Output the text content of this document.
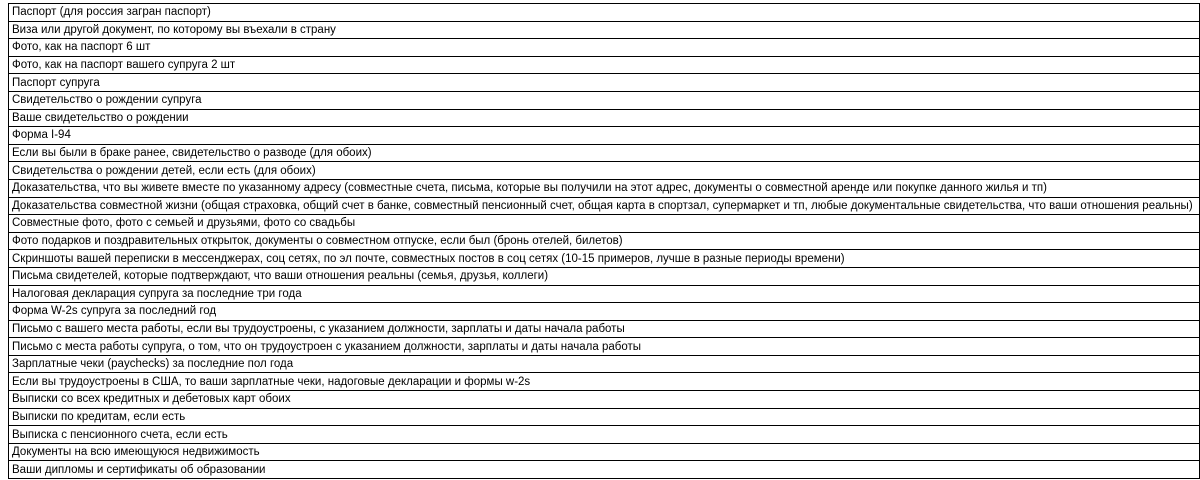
Паспорт (для россия загран паспорт)
Виза или другой документ, по которому вы въехали в страну
Фото, как на паспорт 6 шт
Фото, как на паспорт вашего супруга 2 шт
Паспорт супруга
Свидетельство о рождении супруга
Ваше свидетельство о рождении
Форма I-94
Если вы были в браке ранее, свидетельство о разводе (для обоих)
Свидетельства о рождении детей, если есть (для обоих)
Доказательства, что вы живете вместе по указанному адресу (совместные счета, письма, которые вы получили на этот адрес, документы о совместной аренде или покупке данного жилья и тп)
Доказательства совместной жизни (общая страховка, общий счет в банке, совместный пенсионный счет, общая карта в спортзал, супермаркет и тп, любые документальные свидетельства, что ваши отношения реальны)
Совместные фото, фото с семьей и друзьями, фото со свадьбы
Фото подарков и поздравительных открыток, документы о совместном отпуске, если был (бронь отелей, билетов)
Скриншоты вашей переписки в мессенджерах, соц сетях, по эл почте, совместных постов в соц сетях (10-15 примеров, лучше в разные периоды времени)
Письма свидетелей, которые подтверждают, что ваши отношения реальны (семья, друзья, коллеги)
Налоговая декларация супруга за последние три года
Форма W-2s супруга за последний год
Письмо с вашего места работы, если вы трудоустроены, с указанием должности, зарплаты и даты начала работы
Письмо с места работы супруга, о том, что он трудоустроен с указанием должности, зарплаты и даты начала работы
Зарплатные чеки (paychecks) за последние пол года
Если вы трудоустроены в США, то ваши зарплатные чеки, надоговые декларации и формы w-2s
Выписки со всех кредитных и дебетовых карт обоих
Выписки по кредитам, если есть
Выписка с пенсионного счета, если есть
Документы на всю имеющуюся недвижимость
Ваши дипломы и сертификаты об образовании
